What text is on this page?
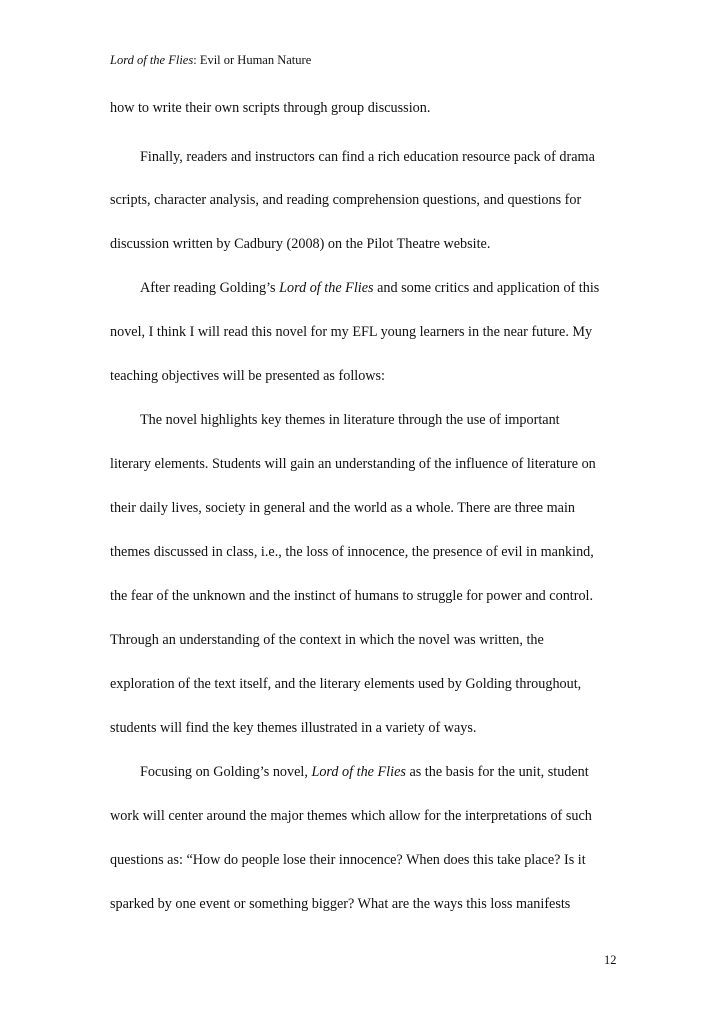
Lord of the Flies: Evil or Human Nature
how to write their own scripts through group discussion.
Finally, readers and instructors can find a rich education resource pack of drama
scripts, character analysis, and reading comprehension questions, and questions for
discussion written by Cadbury (2008) on the Pilot Theatre website.
After reading Golding’s Lord of the Flies and some critics and application of this
novel, I think I will read this novel for my EFL young learners in the near future. My
teaching objectives will be presented as follows:
The novel highlights key themes in literature through the use of important
literary elements. Students will gain an understanding of the influence of literature on
their daily lives, society in general and the world as a whole. There are three main
themes discussed in class, i.e., the loss of innocence, the presence of evil in mankind,
the fear of the unknown and the instinct of humans to struggle for power and control.
Through an understanding of the context in which the novel was written, the
exploration of the text itself, and the literary elements used by Golding throughout,
students will find the key themes illustrated in a variety of ways.
Focusing on Golding’s novel, Lord of the Flies as the basis for the unit, student
work will center around the major themes which allow for the interpretations of such
questions as: “How do people lose their innocence? When does this take place? Is it
sparked by one event or something bigger? What are the ways this loss manifests
12
